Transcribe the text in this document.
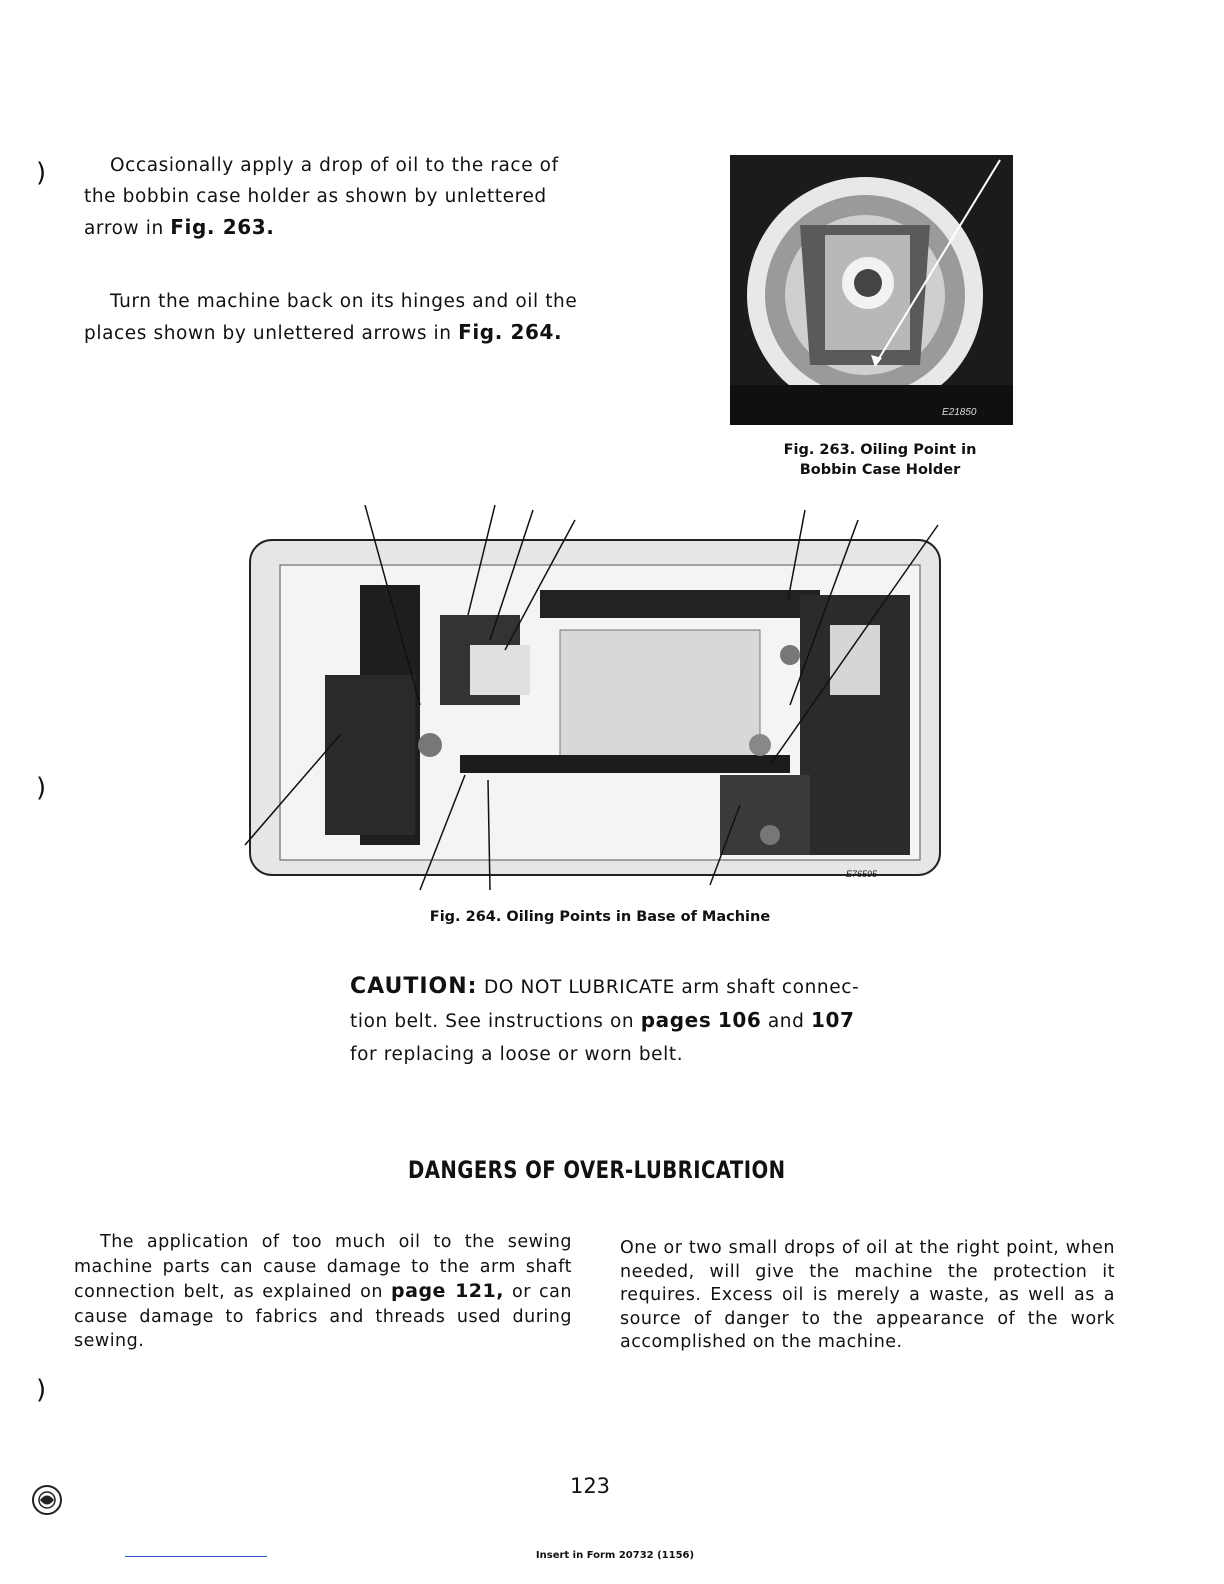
)
)
)
Occasionally apply a drop of oil to the race of the bobbin case holder as shown by unlettered arrow in Fig. 263.
Turn the machine back on its hinges and oil the places shown by unlettered arrows in Fig. 264.
E21850
Fig. 263. Oiling Point in
Bobbin Case Holder
E76595
Fig. 264. Oiling Points in Base of Machine
CAUTION: DO NOT LUBRICATE arm shaft connec-
tion belt. See instructions on pages 106 and 107
for replacing a loose or worn belt.
DANGERS OF OVER-LUBRICATION
The application of too much oil to the sewing machine parts can cause damage to the arm shaft connection belt, as explained on page 121, or can cause damage to fabrics and threads used during sewing.
One or two small drops of oil at the right point, when needed, will give the machine the protection it requires. Excess oil is merely a waste, as well as a source of danger to the appearance of the work accomplished on the machine.
123
Insert in Form 20732 (1156)
